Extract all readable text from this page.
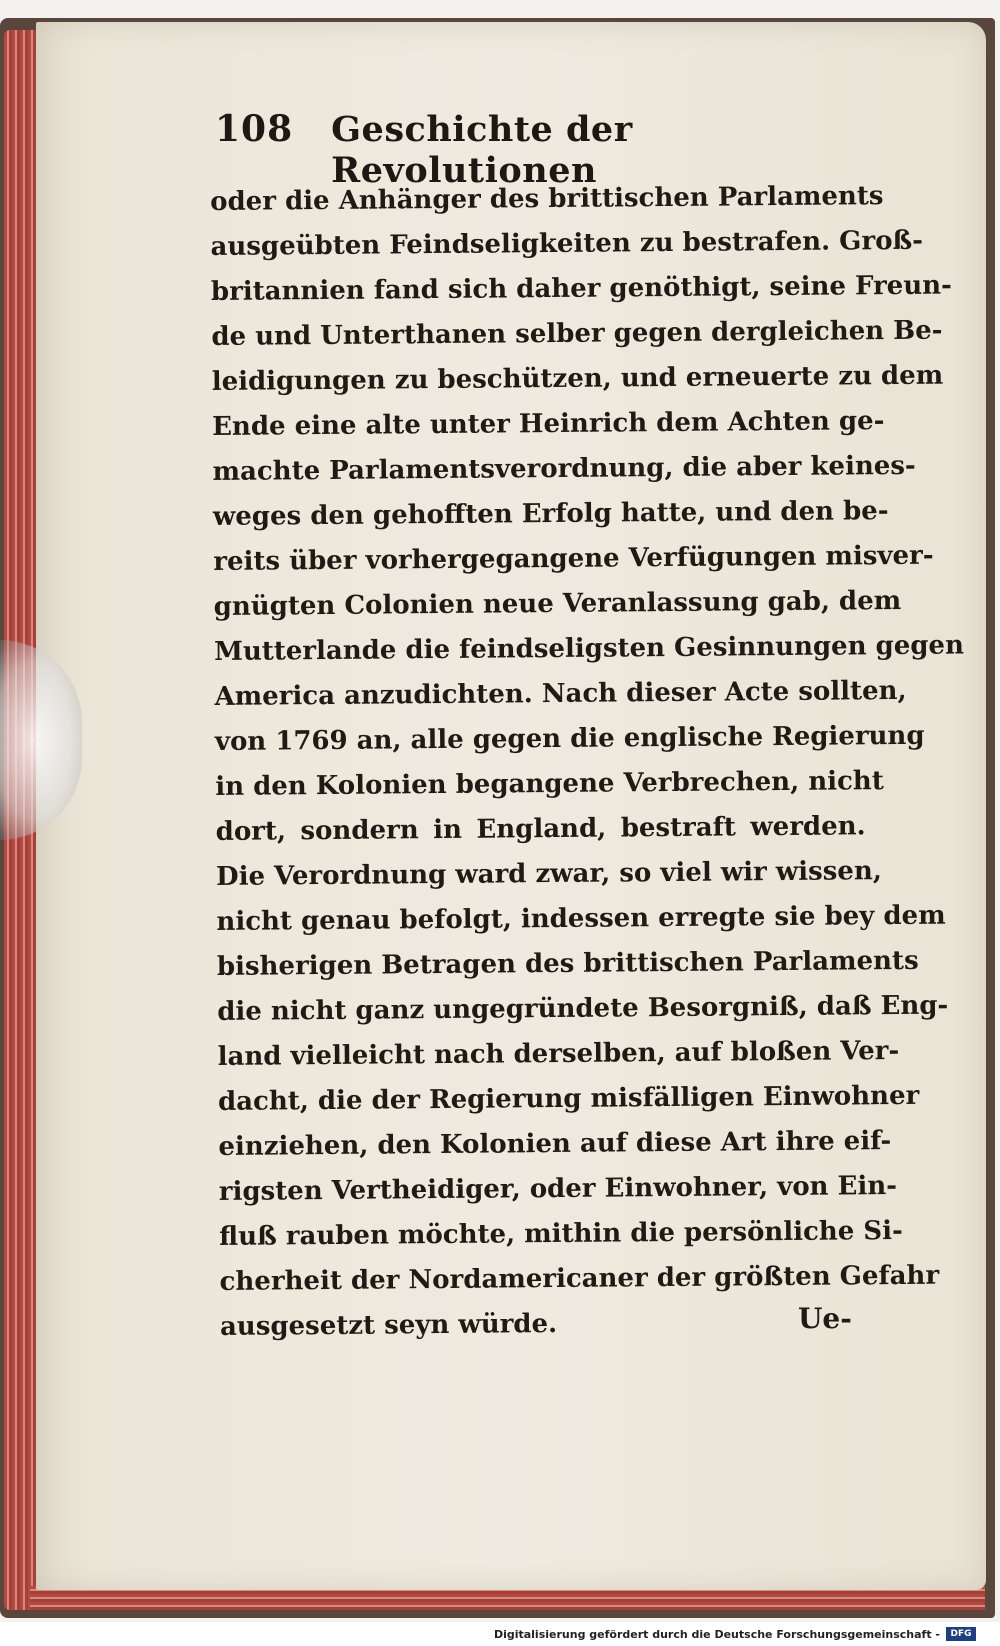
108 Geschichte der Revolutionen
oder die Anhänger des brittischen Parlaments
ausgeübten Feindseligkeiten zu bestrafen. Groß-
britannien fand sich daher genöthigt, seine Freun-
de und Unterthanen selber gegen dergleichen Be-
leidigungen zu beschützen, und erneuerte zu dem
Ende eine alte unter Heinrich dem Achten ge-
machte Parlamentsverordnung, die aber keines-
weges den gehofften Erfolg hatte, und den be-
reits über vorhergegangene Verfügungen misver-
gnügten Colonien neue Veranlassung gab, dem
Mutterlande die feindseligsten Gesinnungen gegen
America anzudichten. Nach dieser Acte sollten,
von 1769 an, alle gegen die englische Regierung
in den Kolonien begangene Verbrechen, nicht
dort, sondern in England, bestraft werden.
Die Verordnung ward zwar, so viel wir wissen,
nicht genau befolgt, indessen erregte sie bey dem
bisherigen Betragen des brittischen Parlaments
die nicht ganz ungegründete Besorgniß, daß Eng-
land vielleicht nach derselben, auf bloßen Ver-
dacht, die der Regierung misfälligen Einwohner
einziehen, den Kolonien auf diese Art ihre eif-
rigsten Vertheidiger, oder Einwohner, von Ein-
fluß rauben möchte, mithin die persönliche Si-
cherheit der Nordamericaner der größten Gefahr
ausgesetzt seyn würde.	Ue-
Digitalisierung gefördert durch die Deutsche Forschungsgemeinschaft -	DFG
